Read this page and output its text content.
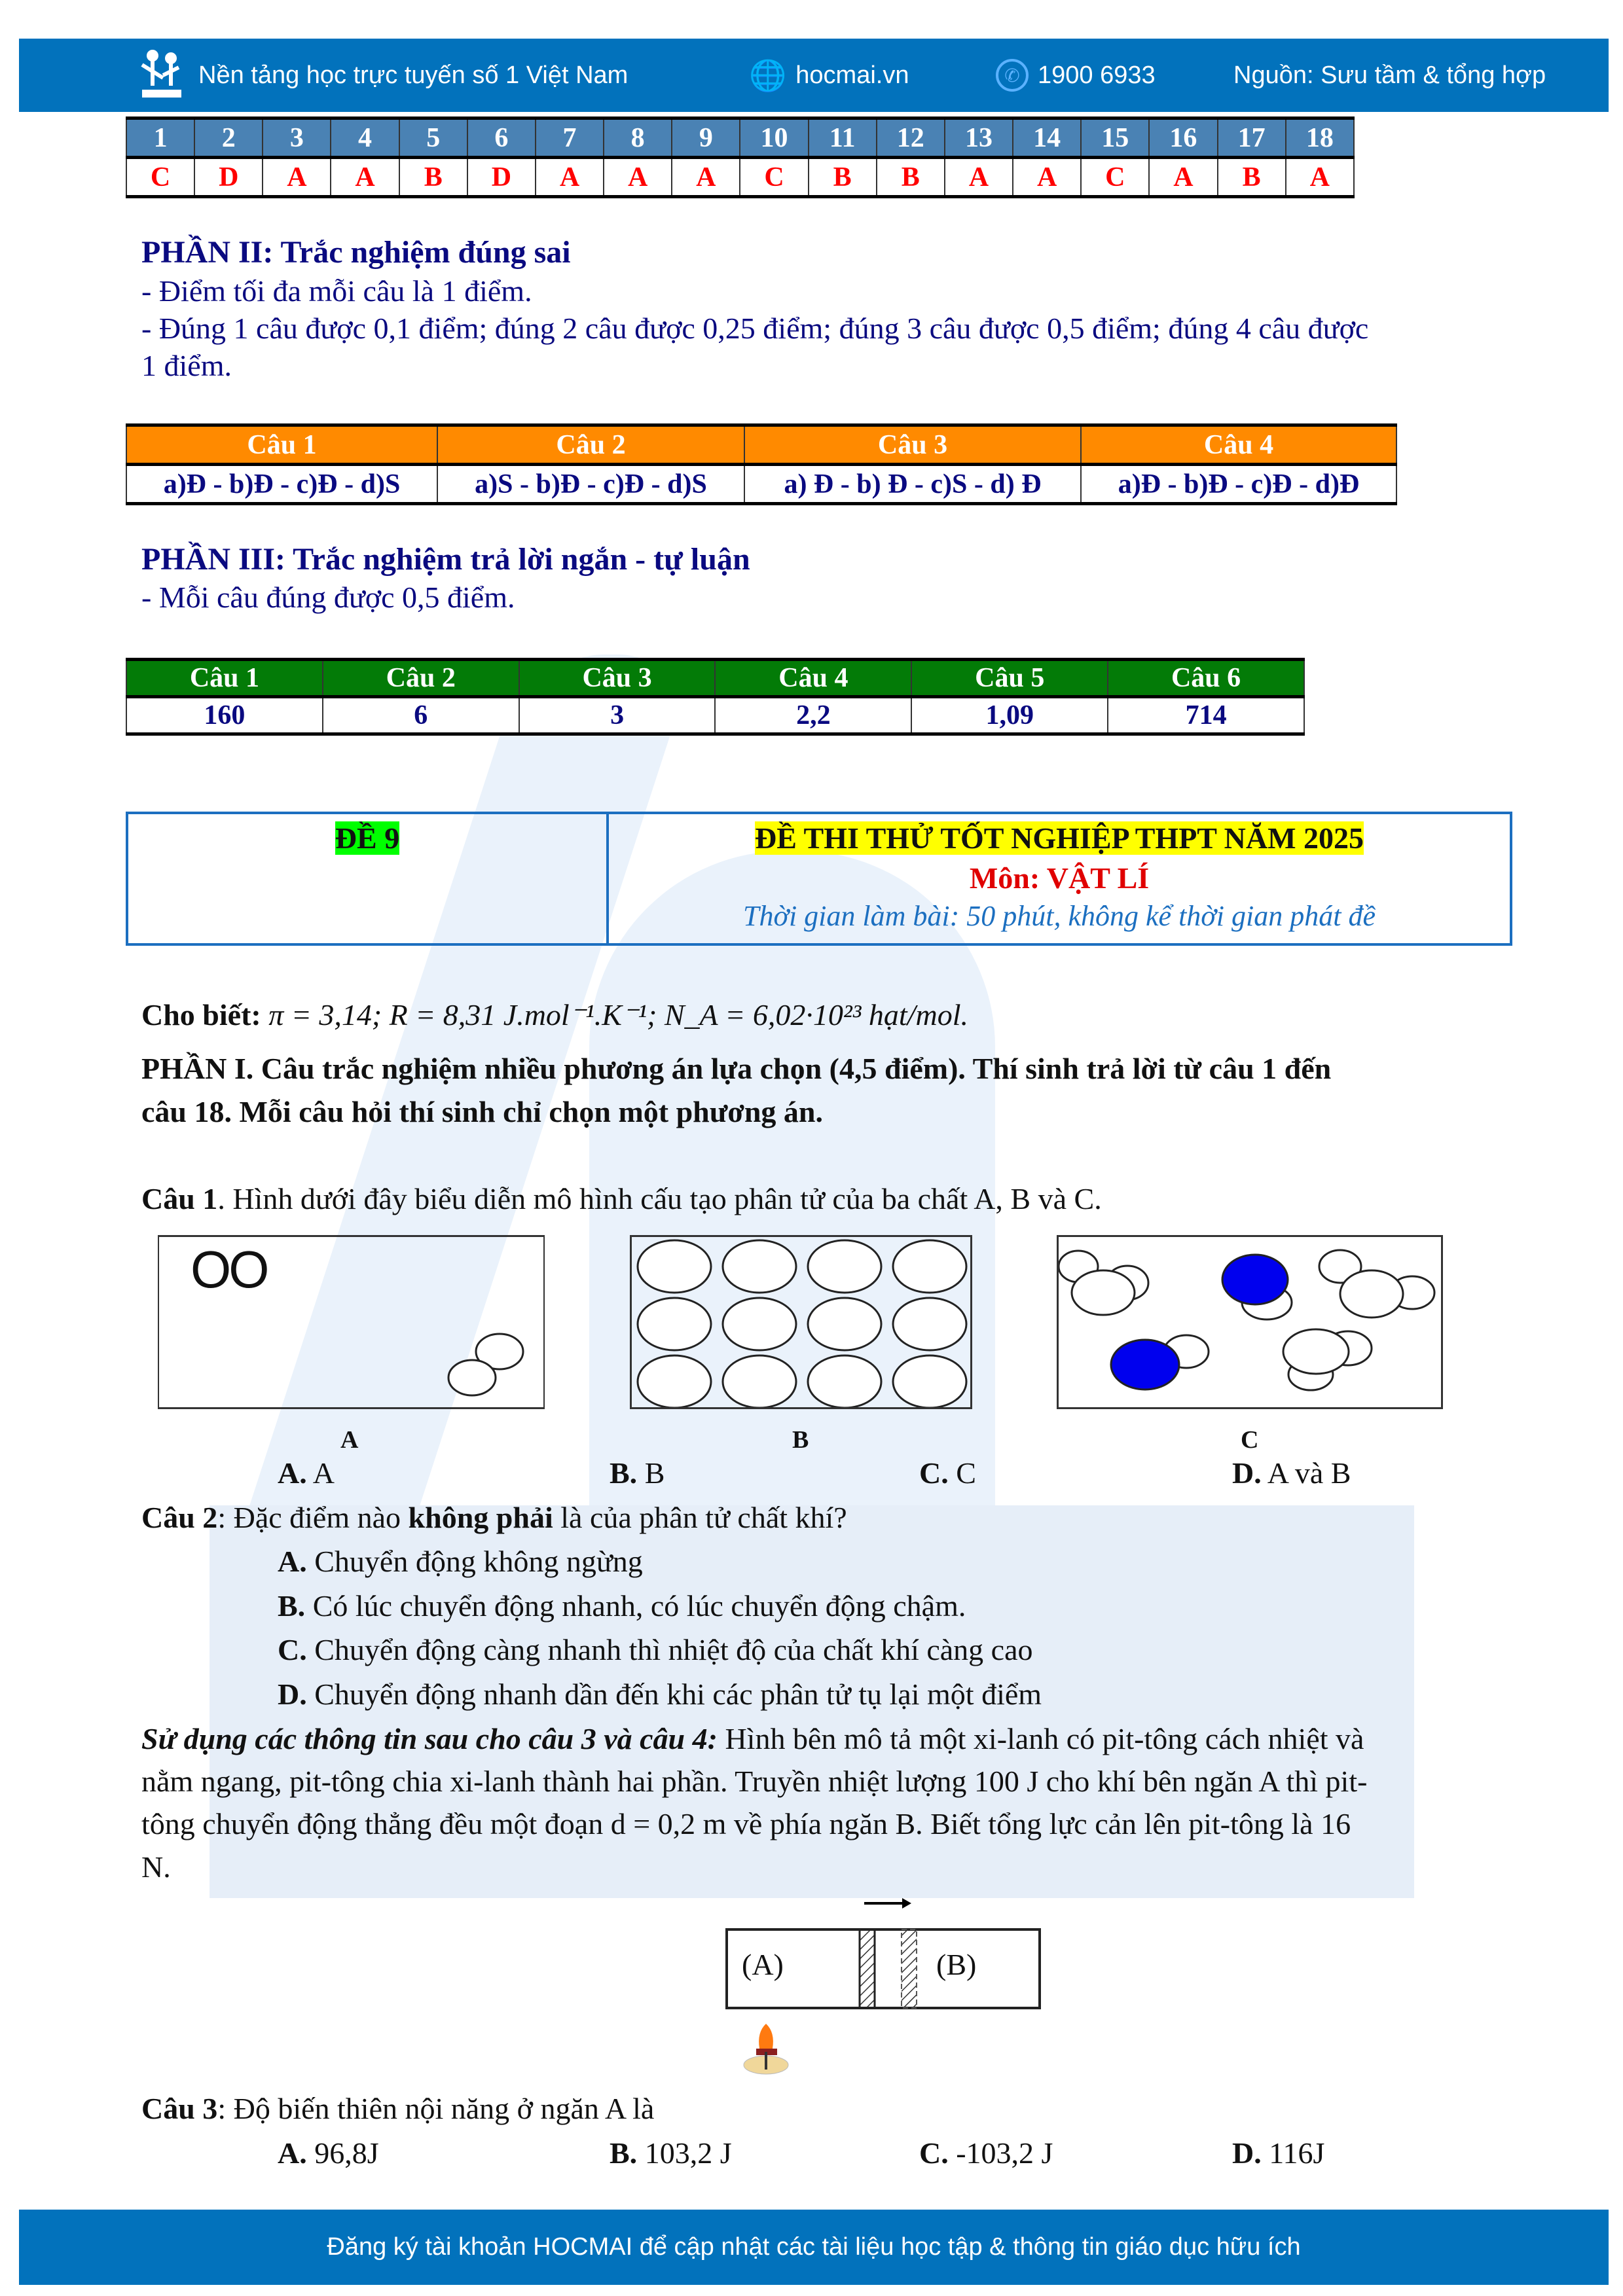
Nền tảng học trực tuyến số 1 Việt Nam	🌐 hocmai.vn	✆ 1900 6933	Nguồn: Sưu tầm & tổng hợp
1	2	3	4	5	6	7	8	9	10	11	12	13	14	15	16	17	18
C	D	A	A	B	D	A	A	A	C	B	B	A	A	C	A	B	A
PHẦN II: Trắc nghiệm đúng sai
- Điểm tối đa mỗi câu là 1 điểm.
- Đúng 1 câu được 0,1 điểm; đúng 2 câu được 0,25 điểm; đúng 3 câu được 0,5 điểm; đúng 4 câu được
1 điểm.
Câu 1	Câu 2	Câu 3	Câu 4
a)Đ - b)Đ - c)Đ - d)S	a)S - b)Đ - c)Đ - d)S	a) Đ - b) Đ - c)S - d) Đ	a)Đ - b)Đ - c)Đ - d)Đ
PHẦN III: Trắc nghiệm trả lời ngắn - tự luận
- Mỗi câu đúng được 0,5 điểm.
Câu 1	Câu 2	Câu 3	Câu 4	Câu 5	Câu 6
160	6	3	2,2	1,09	714
ĐỀ 9	ĐỀ THI THỬ TỐT NGHIỆP THPT NĂM 2025
Môn: VẬT LÍ
Thời gian làm bài: 50 phút, không kể thời gian phát đề
Cho biết: π = 3,14; R = 8,31 J.mol⁻¹.K⁻¹; N_A = 6,02·10²³ hạt/mol.
PHẦN I. Câu trắc nghiệm nhiều phương án lựa chọn (4,5 điểm). Thí sinh trả lời từ câu 1 đến
câu 18. Mỗi câu hỏi thí sinh chỉ chọn một phương án.
Câu 1. Hình dưới đây biểu diễn mô hình cấu tạo phân tử của ba chất A, B và C.
OO
A	B	C
A. A	B. B	C. C	D. A và B
Câu 2: Đặc điểm nào không phải là của phân tử chất khí?
A. Chuyển động không ngừng
B. Có lúc chuyển động nhanh, có lúc chuyển động chậm.
C. Chuyển động càng nhanh thì nhiệt độ của chất khí càng cao
D. Chuyển động nhanh dần đến khi các phân tử tụ lại một điểm
Sử dụng các thông tin sau cho câu 3 và câu 4: Hình bên mô tả một xi-lanh có pit-tông cách nhiệt và
nằm ngang, pit-tông chia xi-lanh thành hai phần. Truyền nhiệt lượng 100 J cho khí bên ngăn A thì pit-
tông chuyển động thẳng đều một đoạn d = 0,2 m về phía ngăn B. Biết tổng lực cản lên pit-tông là 16
N.
(A)	(B)
Câu 3: Độ biến thiên nội năng ở ngăn A là
A. 96,8J	B. 103,2 J	C. -103,2 J	D. 116J
Đăng ký tài khoản HOCMAI để cập nhật các tài liệu học tập & thông tin giáo dục hữu ích
